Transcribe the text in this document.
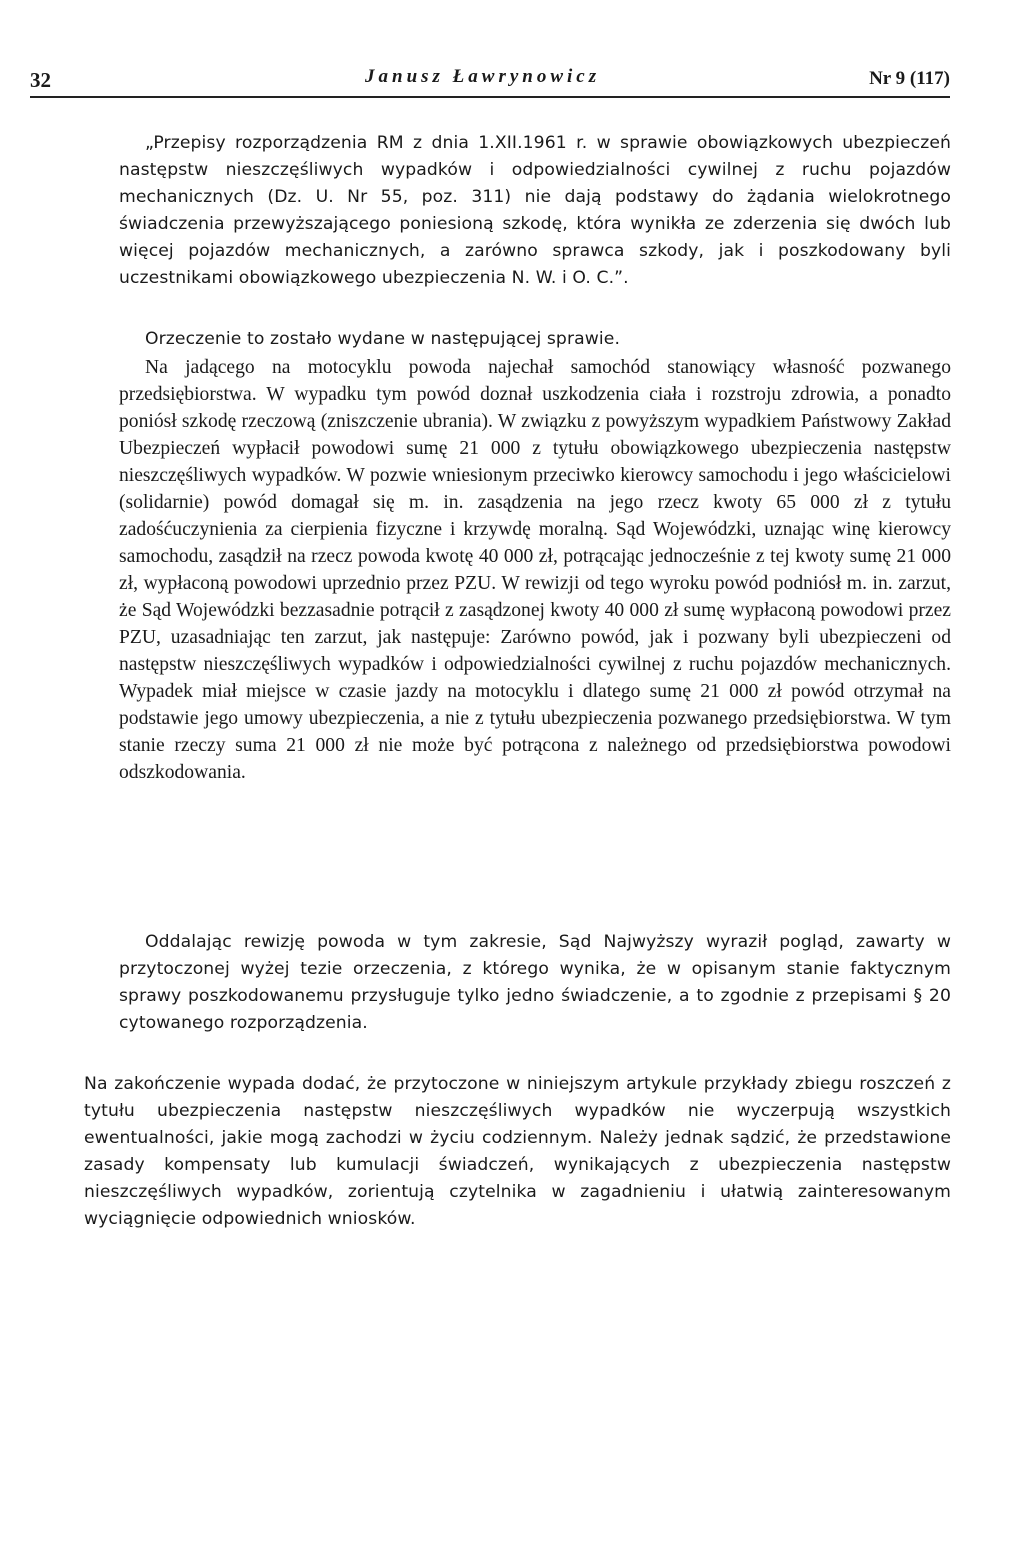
32	Janusz Ławrynowicz	Nr 9 (117)

„Przepisy rozporządzenia RM z dnia 1.XII.1961 r. w sprawie obowiązkowych ubezpieczeń następstw nieszczęśliwych wypadków i odpowiedzialności cywilnej z ruchu pojazdów mechanicznych (Dz. U. Nr 55, poz. 311) nie dają podstawy do żądania wielokrotnego świadczenia przewyższającego poniesioną szkodę, która wynikła ze zderzenia się dwóch lub więcej pojazdów mechanicznych, a zarówno sprawca szkody, jak i poszkodowany byli uczestnikami obowiązkowego ubezpieczenia N. W. i O. C.”.

Orzeczenie to zostało wydane w następującej sprawie.

Na jadącego na motocyklu powoda najechał samochód stanowiący własność pozwanego przedsiębiorstwa. W wypadku tym powód doznał uszkodzenia ciała i rozstroju zdrowia, a ponadto poniósł szkodę rzeczową (zniszczenie ubrania). W związku z powyższym wypadkiem Państwowy Zakład Ubezpieczeń wypłacił powodowi sumę 21 000 z tytułu obowiązkowego ubezpieczenia następstw nieszczęśliwych wypadków. W pozwie wniesionym przeciwko kierowcy samochodu i jego właścicielowi (solidarnie) powód domagał się m. in. zasądzenia na jego rzecz kwoty 65 000 zł z tytułu zadośćuczynienia za cierpienia fizyczne i krzywdę moralną. Sąd Wojewódzki, uznając winę kierowcy samochodu, zasądził na rzecz powoda kwotę 40 000 zł, potrącając jednocześnie z tej kwoty sumę 21 000 zł, wypłaconą powodowi uprzednio przez PZU. W rewizji od tego wyroku powód podniósł m. in. zarzut, że Sąd Wojewódzki bezzasadnie potrącił z zasądzonej kwoty 40 000 zł sumę wypłaconą powodowi przez PZU, uzasadniając ten zarzut, jak następuje: Zarówno powód, jak i pozwany byli ubezpieczeni od następstw nieszczęśliwych wypadków i odpowiedzialności cywilnej z ruchu pojazdów mechanicznych. Wypadek miał miejsce w czasie jazdy na motocyklu i dlatego sumę 21 000 zł powód otrzymał na podstawie jego umowy ubezpieczenia, a nie z tytułu ubezpieczenia pozwanego przedsiębiorstwa. W tym stanie rzeczy suma 21 000 zł nie może być potrącona z należnego od przedsiębiorstwa powodowi odszkodowania.

Oddalając rewizję powoda w tym zakresie, Sąd Najwyższy wyraził pogląd, zawarty w przytoczonej wyżej tezie orzeczenia, z którego wynika, że w opisanym stanie faktycznym sprawy poszkodowanemu przysługuje tylko jedno świadczenie, a to zgodnie z przepisami § 20 cytowanego rozporządzenia.

Na zakończenie wypada dodać, że przytoczone w niniejszym artykule przykłady zbiegu roszczeń z tytułu ubezpieczenia następstw nieszczęśliwych wypadków nie wyczerpują wszystkich ewentualności, jakie mogą zachodzi w życiu codziennym. Należy jednak sądzić, że przedstawione zasady kompensaty lub kumulacji świadczeń, wynikających z ubezpieczenia następstw nieszczęśliwych wypadków, zorientują czytelnika w zagadnieniu i ułatwią zainteresowanym wyciągnięcie odpowiednich wniosków.
